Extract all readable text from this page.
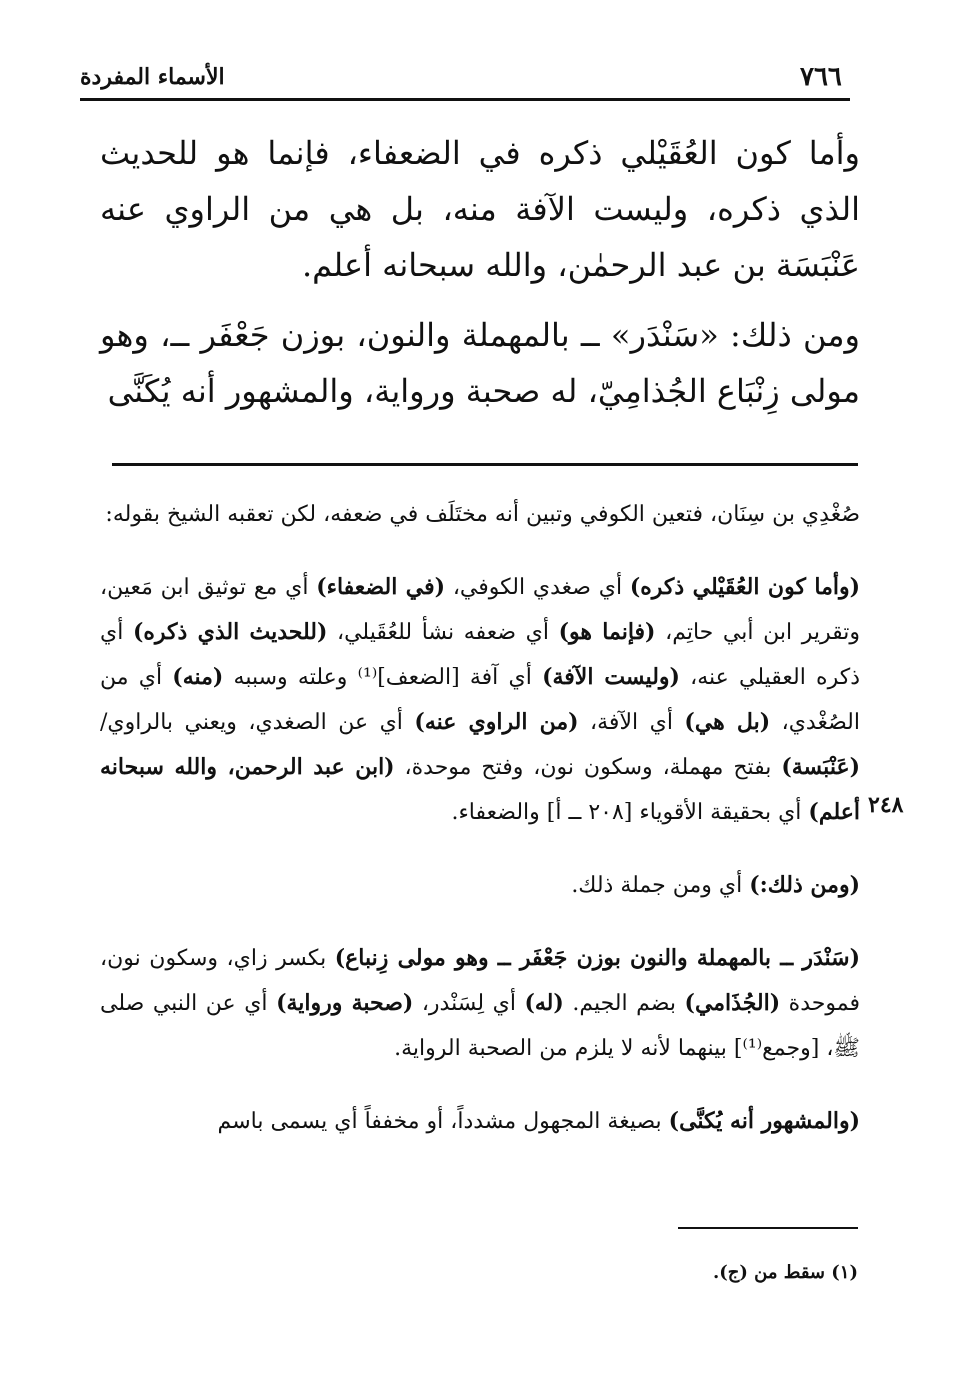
٧٦٦
الأسماء المفردة

وأما كون العُقَيْلي ذكره في الضعفاء، فإنما هو للحديث الذي ذكره، وليست الآفة منه، بل هي من الراوي عنه عَنْبَسَة بن عبد الرحمٰن، والله سبحانه أعلم.

ومن ذلك: «سَنْدَر» ــ بالمهملة والنون، بوزن جَعْفَر ــ، وهو مولى زِنْبَاع الجُذامِيّ، له صحبة ورواية، والمشهور أنه يُكَنَّى

٢٤٨

صُغْدِي بن سِنَان، فتعين الكوفي وتبين أنه مختَلَف في ضعفه، لكن تعقبه الشيخ بقوله:

(وأما كون العُقَيْلي ذكره) أي صغدي الكوفي، (في الضعفاء) أي مع توثيق ابن مَعين، وتقرير ابن أبي حاتِم، (فإنما هو) أي ضعفه نشأ للعُقَيلي، (للحديث الذي ذكره) أي ذكره العقيلي عنه، (وليست الآفة) أي آفة [الضعف]⁽¹⁾ وعلته وسببه (منه) أي من الصُغْدي، (بل هي) أي الآفة، (من الراوي عنه) أي عن الصغدي، ويعني بالراوي/ (عَنْبَسة) بفتح مهملة، وسكون نون، وفتح موحدة، (ابن عبد الرحمن، والله سبحانه أعلم) أي بحقيقة الأقوياء [٢٠٨ ــ أ] والضعفاء.

(ومن ذلك:) أي ومن جملة ذلك.

(سَنْدَر ــ بالمهملة والنون بوزن جَعْفَر ــ وهو مولى زِنباع) بكسر زاي، وسكون نون، فموحدة (الجُذَامي) بضم الجيم. (له) أي لِسَنْدر، (صحبة ورواية) أي عن النبي صلى ﷺ، [وجمع⁽¹⁾] بينهما لأنه لا يلزم من الصحبة الرواية.

(والمشهور أنه يُكنَّى) بصيغة المجهول مشدداً، أو مخففاً أي يسمى باسم

(١) سقط من (ج).
